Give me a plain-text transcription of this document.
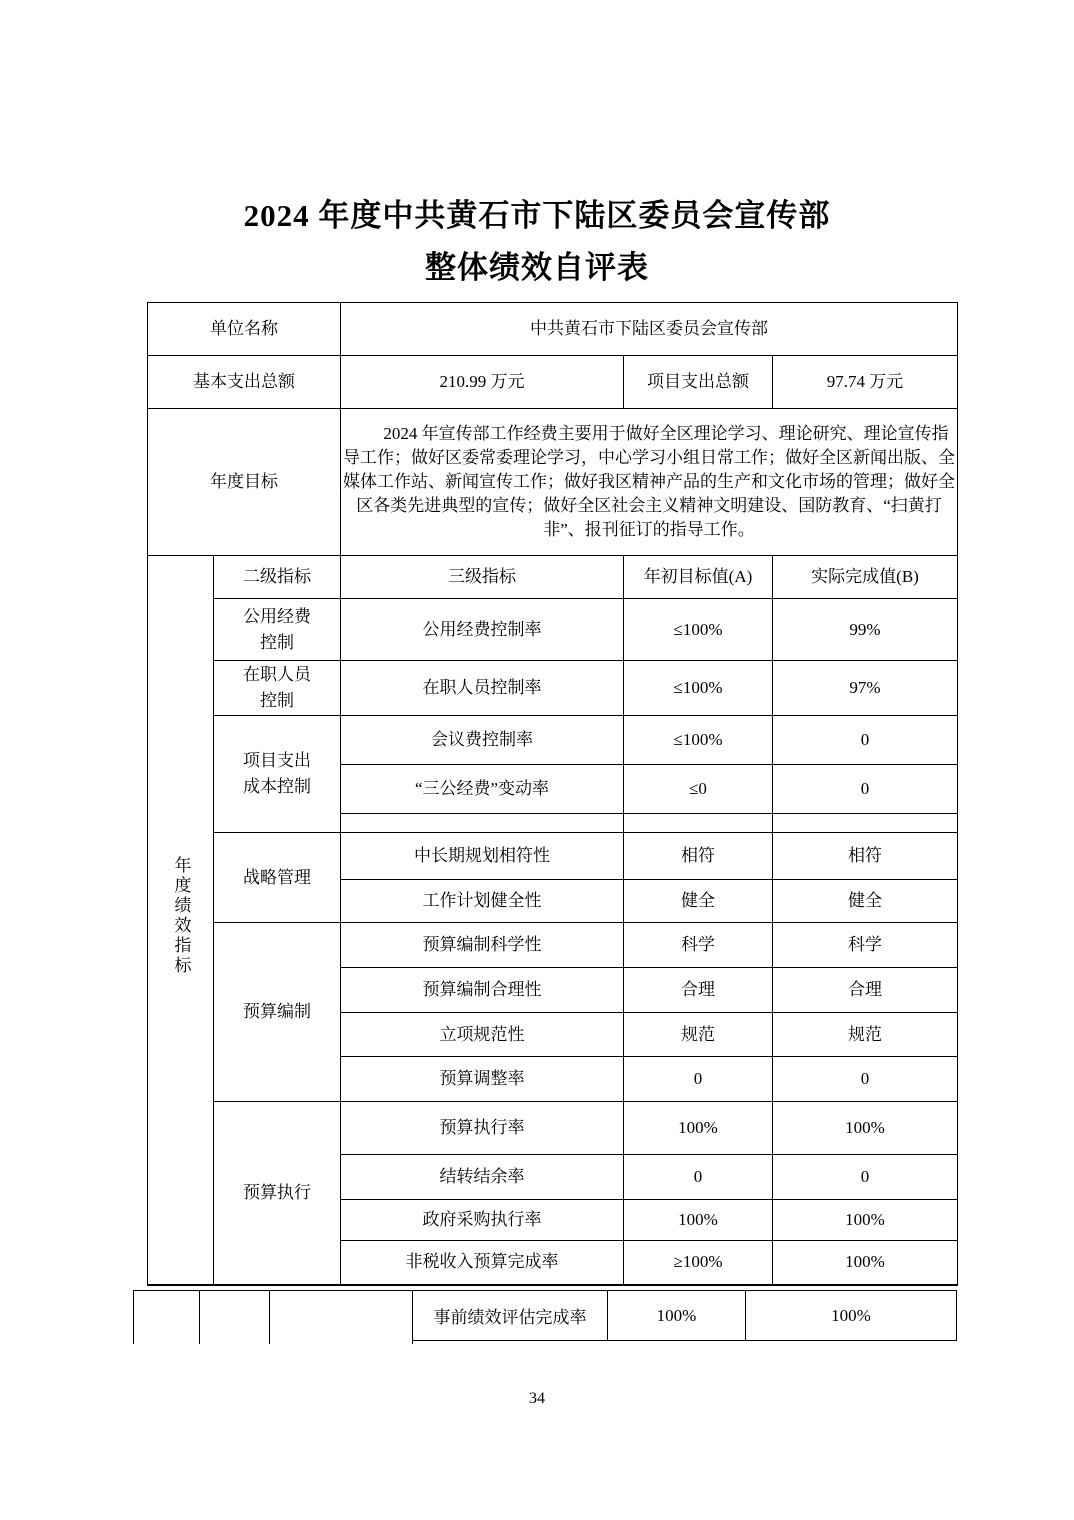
2024 年度中共黄石市下陆区委员会宣传部
整体绩效自评表
单位名称		中共黄石市下陆区委员会宣传部		
基本支出总额		210.99 万元	项目支出总额	97.74 万元
年度目标		2024 年宣传部工作经费主要用于做好全区理论学习、理论研究、理论宣传指导工作；做好区委常委理论学习，中心学习小组日常工作；做好全区新闻出版、全媒体工作站、新闻宣传工作；做好我区精神产品的生产和文化市场的管理；做好全区各类先进典型的宣传；做好全区社会主义精神文明建设、国防教育、“扫黄打非”、报刊征订的指导工作。		
年度绩效指标	二级指标	三级指标	年初目标值(A)	实际完成值(B)
	公用经费控制	公用经费控制率	≤100%	99%
	在职人员控制	在职人员控制率	≤100%	97%
	项目支出成本控制	会议费控制率	≤100%	0
		“三公经费”变动率	≤0	0

	战略管理	中长期规划相符性	相符	相符
		工作计划健全性	健全	健全
	预算编制	预算编制科学性	科学	科学
		预算编制合理性	合理	合理
		立项规范性	规范	规范
		预算调整率	0	0
	预算执行	预算执行率	100%	100%
		结转结余率	0	0
		政府采购执行率	100%	100%
		非税收入预算完成率	≥100%	100%
事前绩效评估完成率	100%	100%
34
